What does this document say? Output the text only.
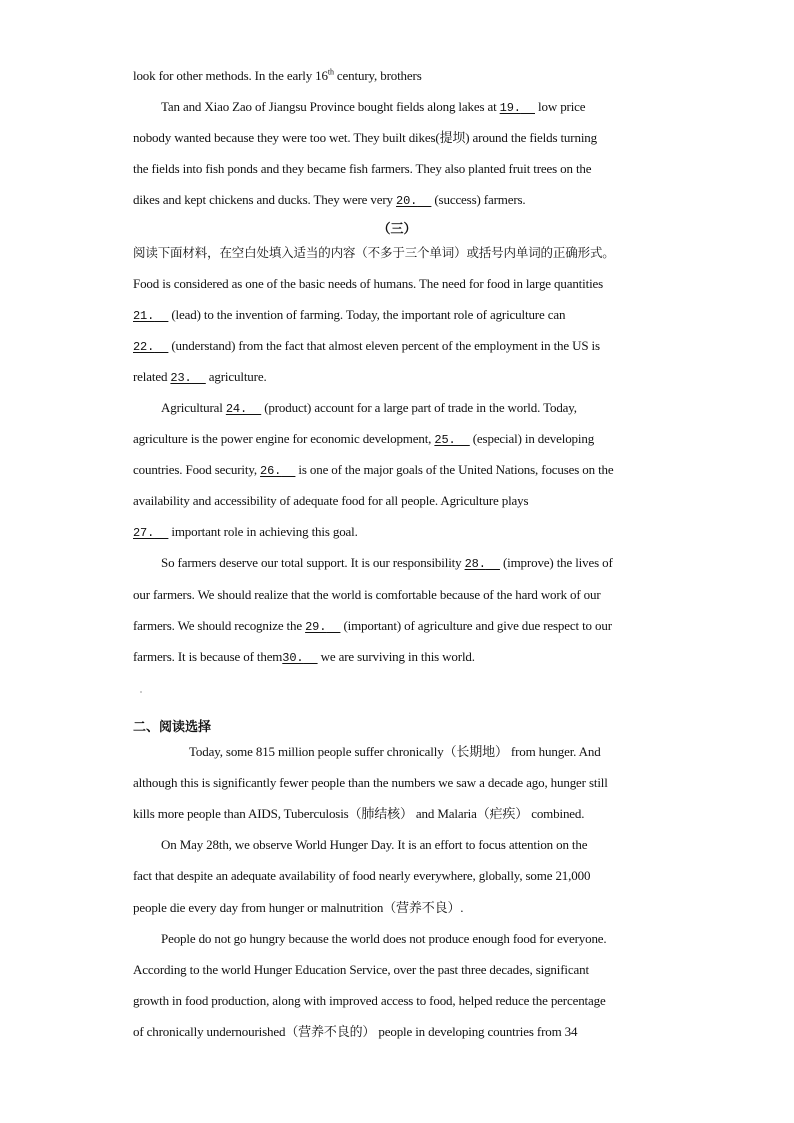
look for other methods. In the early 16th century, brothers
Tan and Xiao Zao of Jiangsu Province bought fields along lakes at 19. low price
nobody wanted because they were too wet. They built dikes(提坝) around the fields turning
the fields into fish ponds and they became fish farmers. They also planted fruit trees on the
dikes and kept chickens and ducks. They were very 20. (success) farmers.
（三）
阅读下面材料，在空白处填入适当的内容（不多于三个单词）或括号内单词的正确形式。
Food is considered as one of the basic needs of humans. The need for food in large quantities
21. (lead) to the invention of farming. Today, the important role of agriculture can
22. (understand) from the fact that almost eleven percent of the employment in the US is
related 23. agriculture.
Agricultural 24. (product) account for a large part of trade in the world. Today,
agriculture is the power engine for economic development, 25. (especial) in developing
countries. Food security, 26. is one of the major goals of the United Nations, focuses on the
availability and accessibility of adequate food for all people. Agriculture plays
27. important role in achieving this goal.
So farmers deserve our total support. It is our responsibility 28. (improve) the lives of
our farmers. We should realize that the world is comfortable because of the hard work of our
farmers. We should recognize the 29. (important) of agriculture and give due respect to our
farmers. It is because of them30. we are surviving in this world.
二、阅读选择
Today, some 815 million people suffer chronically（长期地） from hunger. And
although this is significantly fewer people than the numbers we saw a decade ago, hunger still
kills more people than AIDS, Tuberculosis（肺结核） and Malaria（疟疾） combined.
On May 28th, we observe World Hunger Day. It is an effort to focus attention on the
fact that despite an adequate availability of food nearly everywhere, globally, some 21,000
people die every day from hunger or malnutrition（营养不良）.
People do not go hungry because the world does not produce enough food for everyone.
According to the world Hunger Education Service, over the past three decades, significant
growth in food production, along with improved access to food, helped reduce the percentage
of chronically undernourished（营养不良的） people in developing countries from 34
